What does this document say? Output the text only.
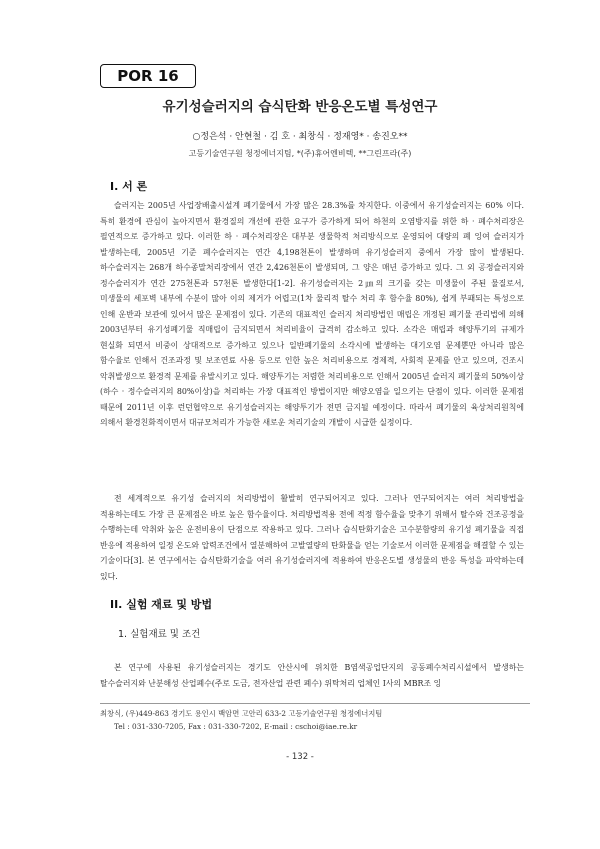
POR 16
유기성슬러지의 습식탄화 반응온도별 특성연구
○정은석 · 안현철 · 김 호 · 최창식 · 정재영* · 송진오**
고등기술연구원 청정에너지팀, *(주)휴어엔비텍, **그린프라(주)
I. 서 론

슬러지는 2005년 사업장배출시설계 폐기물에서 가장 많은 28.3%를 차지한다. 이중에서 유기성슬러지는 60% 이다. 특히 환경에 관심이 높아지면서 환경질의 개선에 관한 요구가 증가하게 되어 하천의 오염방지를 위한 하 · 폐수처리장은 필연적으로 증가하고 있다. 이러한 하 · 폐수처리장은 대부분 생물학적 처리방식으로 운영되어 대량의 폐 잉여 슬러지가 발생하는데, 2005년 기준 폐수슬러지는 연간 4,198천톤이 발생하며 유기성슬러지 중에서 가장 많이 발생된다. 하수슬러지는 268개 하수종말처리장에서 연간 2,426천톤이 발생되며, 그 양은 매년 증가하고 있다. 그 외 공정슬러지와 정수슬러지가 연간 275천톤과 57천톤 발생한다[1-2]. 유기성슬러지는 2㎛의 크기를 갖는 미생물이 주된 물질로서, 미생물의 세포벽 내부에 수분이 많아 이의 제거가 어렵고(1차 물리적 탈수 처리 후 함수율 80%), 쉽게 부패되는 특성으로 인해 운반과 보관에 있어서 많은 문제점이 있다. 기존의 대표적인 슬러지 처리방법인 매립은 개정된 폐기물 관리법에 의해 2003년부터 유기성폐기물 직매립이 금지되면서 처리비율이 급격히 감소하고 있다. 소각은 매립과 해양투기의 규제가 현실화 되면서 비중이 상대적으로 증가하고 있으나 일반폐기물의 소각시에 발생하는 대기오염 문제뿐만 아니라 많은 함수율로 인해서 건조과정 및 보조연료 사용 등으로 인한 높은 처리비용으로 경제적, 사회적 문제를 안고 있으며, 건조시 악취발생으로 환경적 문제를 유발시키고 있다. 해양투기는 저렴한 처리비용으로 인해서 2005년 슬러지 폐기물의 50%이상(하수 · 정수슬러지의 80%이상)을 처리하는 가장 대표적인 방법이지만 해양오염을 일으키는 단점이 있다. 이러한 문제점 때문에 2011년 이후 런던협약으로 유기성슬러지는 해양투기가 전면 금지될 예정이다. 따라서 폐기물의 육상처리원칙에 의해서 환경친화적이면서 대규모처리가 가능한 새로운 처리기술의 개발이 시급한 실정이다.

전 세계적으로 유기성 슬러지의 처리방법이 활발히 연구되어지고 있다. 그러나 연구되어지는 여러 처리방법을 적용하는데도 가장 큰 문제점은 바로 높은 함수율이다. 처리방법적용 전에 적정 함수율을 맞추기 위해서 탈수와 건조공정을 수행하는데 악취와 높은 운전비용이 단점으로 작용하고 있다. 그러나 습식탄화기술은 고수분함량의 유기성 폐기물을 직접 반응에 적용하여 일정 온도와 압력조건에서 열분해하여 고발열량의 탄화물을 얻는 기술로서 이러한 문제점을 해결할 수 있는 기술이다[3]. 본 연구에서는 습식탄화기술을 여러 유기성슬러지에 적용하여 반응온도별 생성물의 반응 특성을 파악하는데 있다.

II. 실험 재료 및 방법
1. 실험재료 및 조건

본 연구에 사용된 유기성슬러지는 경기도 안산시에 위치한 B염색공업단지의 공동폐수처리시설에서 발생하는 탈수슬러지와 난분해성 산업폐수(주로 도금, 전자산업 관련 폐수) 위탁처리 업체인 I사의 MBR조 잉

최창식, (우)449-863 경기도 용인시 백암면 고안리 633-2 고등기술연구원 청정에너지팀
Tel : 031-330-7205, Fax : 031-330-7202, E-mail : cschoi@iae.re.kr
- 132 -
